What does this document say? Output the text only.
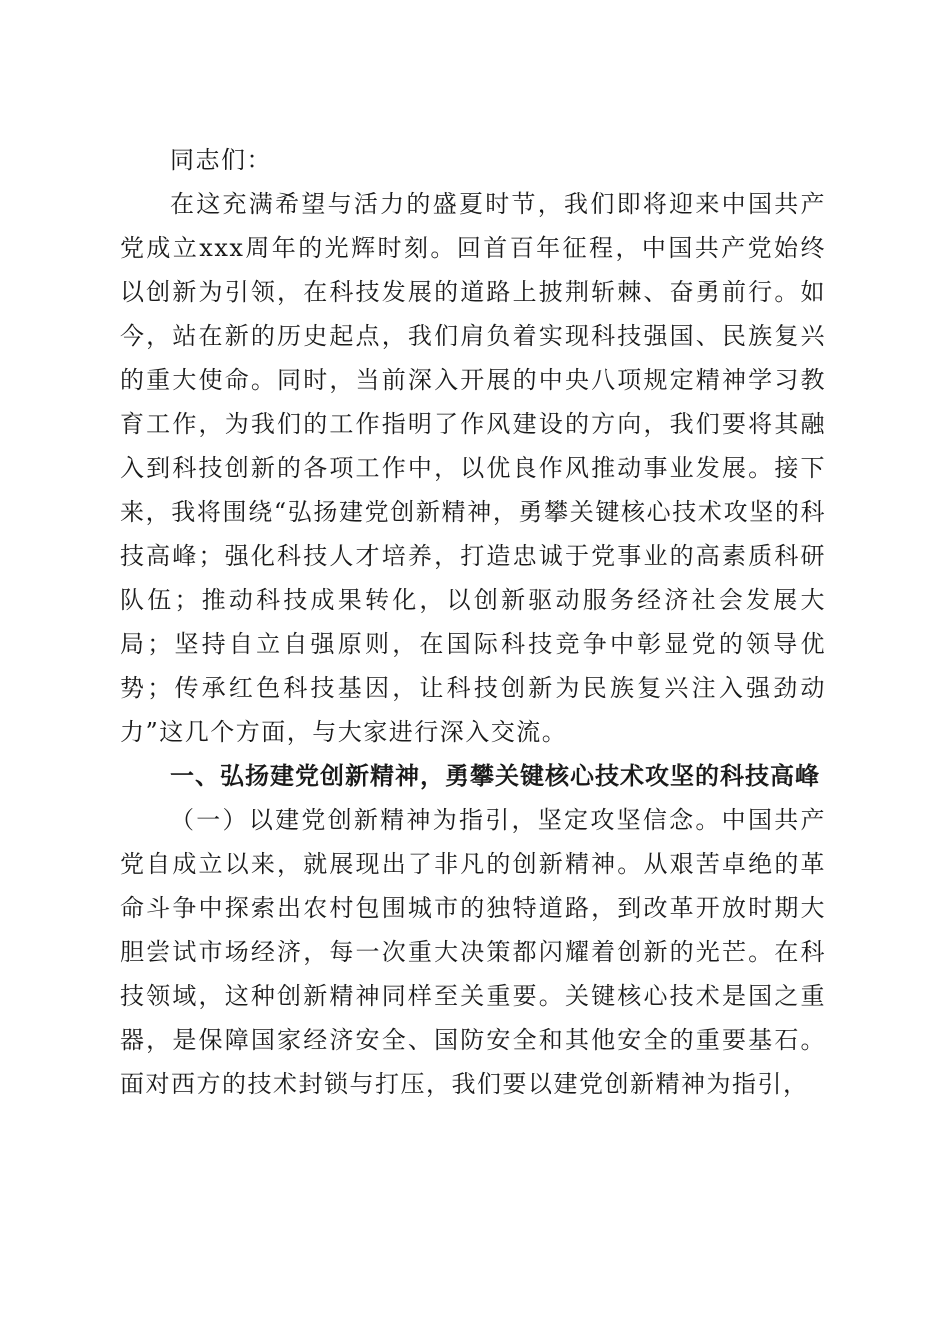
同志们：

在这充满希望与活力的盛夏时节，我们即将迎来中国共产党成立xxx周年的光辉时刻。回首百年征程，中国共产党始终以创新为引领，在科技发展的道路上披荆斩棘、奋勇前行。如今，站在新的历史起点，我们肩负着实现科技强国、民族复兴的重大使命。同时，当前深入开展的中央八项规定精神学习教育工作，为我们的工作指明了作风建设的方向，我们要将其融入到科技创新的各项工作中，以优良作风推动事业发展。接下来，我将围绕“弘扬建党创新精神，勇攀关键核心技术攻坚的科技高峰；强化科技人才培养，打造忠诚于党事业的高素质科研队伍；推动科技成果转化，以创新驱动服务经济社会发展大局；坚持自立自强原则，在国际科技竞争中彰显党的领导优势；传承红色科技基因，让科技创新为民族复兴注入强劲动力”这几个方面，与大家进行深入交流。

一、弘扬建党创新精神，勇攀关键核心技术攻坚的科技高峰

（一）以建党创新精神为指引，坚定攻坚信念。中国共产党自成立以来，就展现出了非凡的创新精神。从艰苦卓绝的革命斗争中探索出农村包围城市的独特道路，到改革开放时期大胆尝试市场经济，每一次重大决策都闪耀着创新的光芒。在科技领域，这种创新精神同样至关重要。关键核心技术是国之重器，是保障国家经济安全、国防安全和其他安全的重要基石。面对西方的技术封锁与打压，我们要以建党创新精神为指引，
